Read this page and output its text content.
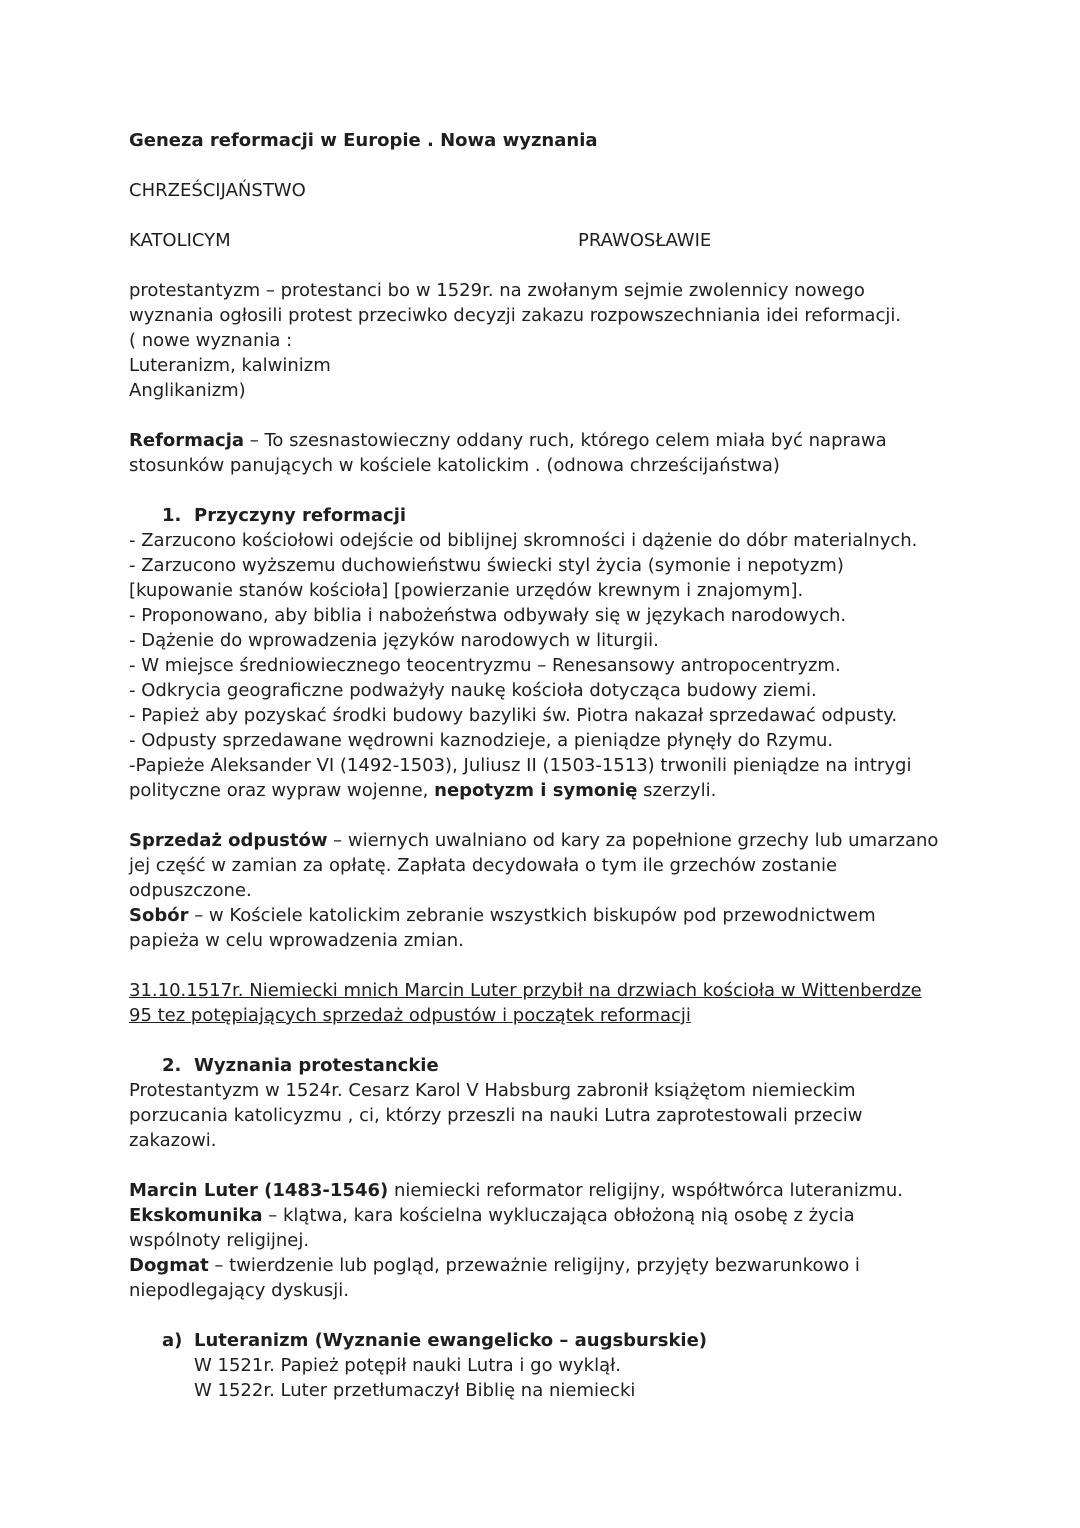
Geneza reformacji w Europie . Nowa wyznania

CHRZEŚCIJAŃSTWO

KATOLICYM	PRAWOSŁAWIE

protestantyzm – protestanci bo w 1529r. na zwołanym sejmie zwolennicy nowego

wyznania ogłosili protest przeciwko decyzji zakazu rozpowszechniania idei reformacji.

( nowe wyznania :

Luteranizm, kalwinizm

Anglikanizm)

Reformacja – To szesnastowieczny oddany ruch, którego celem miała być naprawa

stosunków panujących w kościele katolickim . (odnowa chrześcijaństwa)

1. Przyczyny reformacji

- Zarzucono kościołowi odejście od biblijnej skromności i dążenie do dóbr materialnych.

- Zarzucono wyższemu duchowieństwu świecki styl życia (symonie i nepotyzm)

[kupowanie stanów kościoła] [powierzanie urzędów krewnym i znajomym].

- Proponowano, aby biblia i nabożeństwa odbywały się w językach narodowych.

- Dążenie do wprowadzenia języków narodowych w liturgii.

- W miejsce średniowiecznego teocentryzmu – Renesansowy antropocentryzm.

- Odkrycia geograficzne podważyły naukę kościoła dotycząca budowy ziemi.

- Papież aby pozyskać środki budowy bazyliki św. Piotra nakazał sprzedawać odpusty.

- Odpusty sprzedawane wędrowni kaznodzieje, a pieniądze płynęły do Rzymu.

-Papieże Aleksander VI (1492-1503), Juliusz II (1503-1513) trwonili pieniądze na intrygi

polityczne oraz wypraw wojenne, nepotyzm i symonię szerzyli.

Sprzedaż odpustów – wiernych uwalniano od kary za popełnione grzechy lub umarzano

jej część w zamian za opłatę. Zapłata decydowała o tym ile grzechów zostanie

odpuszczone.

Sobór – w Kościele katolickim zebranie wszystkich biskupów pod przewodnictwem

papieża w celu wprowadzenia zmian.

31.10.1517r. Niemiecki mnich Marcin Luter przybił na drzwiach kościoła w Wittenberdze

95 tez potępiających sprzedaż odpustów i początek reformacji

2. Wyznania protestanckie

Protestantyzm w 1524r. Cesarz Karol V Habsburg zabronił książętom niemieckim

porzucania katolicyzmu , ci, którzy przeszli na nauki Lutra zaprotestowali przeciw

zakazowi.

Marcin Luter (1483-1546) niemiecki reformator religijny, współtwórca luteranizmu.

Ekskomunika – klątwa, kara kościelna wykluczająca obłożoną nią osobę z życia

wspólnoty religijnej.

Dogmat – twierdzenie lub pogląd, przeważnie religijny, przyjęty bezwarunkowo i

niepodlegający dyskusji.

a) Luteranizm (Wyznanie ewangelicko – augsburskie)

W 1521r. Papież potępił nauki Lutra i go wyklął.

W 1522r. Luter przetłumaczył Biblię na niemiecki
